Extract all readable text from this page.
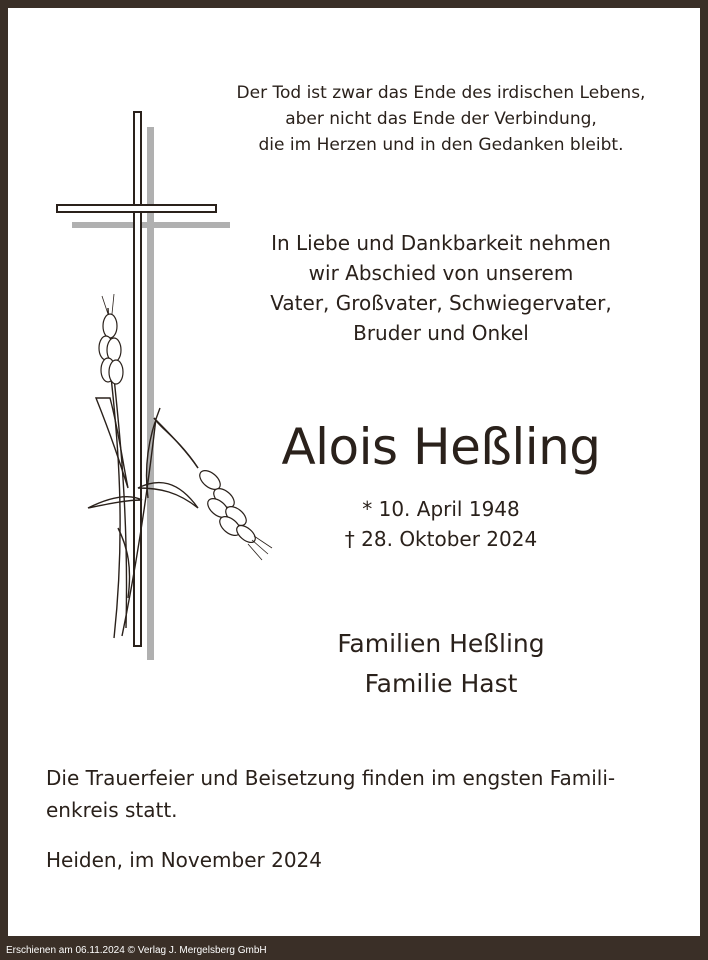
Der Tod ist zwar das Ende des irdischen Lebens,
aber nicht das Ende der Verbindung,
die im Herzen und in den Gedanken bleibt.
In Liebe und Dankbarkeit nehmen
wir Abschied von unserem
Vater, Großvater, Schwiegervater,
Bruder und Onkel
Alois Heßling
* 10. April 1948
† 28. Oktober 2024
Familien Heßling
Familie Hast
Die Trauerfeier und Beisetzung finden im engsten Famili-
enkreis statt.
Heiden, im November 2024
Erschienen am 06.11.2024 © Verlag J. Mergelsberg GmbH
